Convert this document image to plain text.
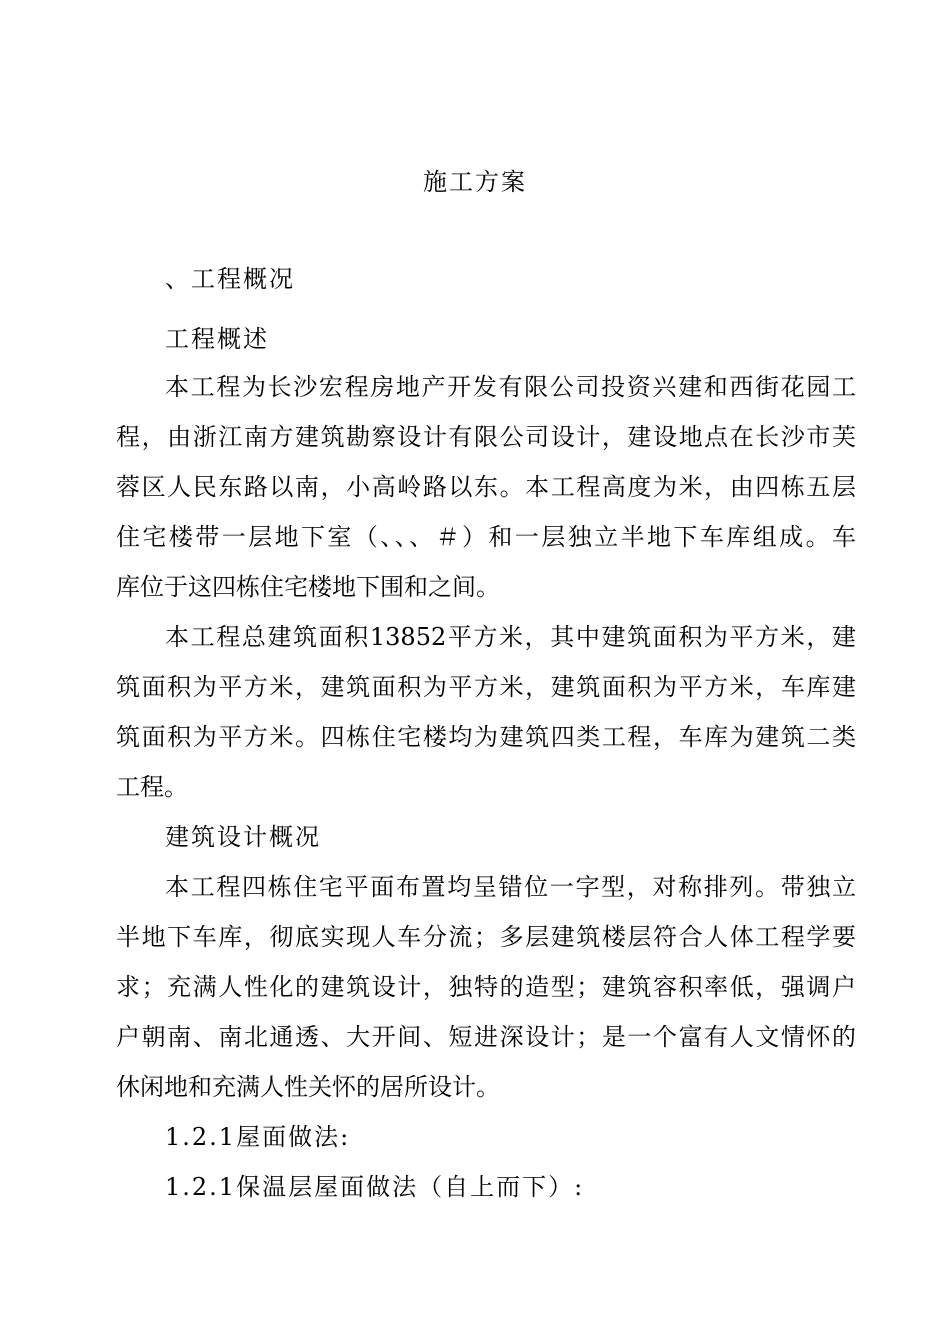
施工方案
、工程概况
工程概述
本工程为长沙宏程房地产开发有限公司投资兴建和西街花园工
程，由浙江南方建筑勘察设计有限公司设计，建设地点在长沙市芙
蓉区人民东路以南，小高岭路以东。本工程高度为米，由四栋五层
住宅楼带一层地下室（、、、＃）和一层独立半地下车库组成。车
库位于这四栋住宅楼地下围和之间。
本工程总建筑面积13852平方米，其中建筑面积为平方米，建
筑面积为平方米，建筑面积为平方米，建筑面积为平方米，车库建
筑面积为平方米。四栋住宅楼均为建筑四类工程，车库为建筑二类
工程。
建筑设计概况
本工程四栋住宅平面布置均呈错位一字型，对称排列。带独立
半地下车库，彻底实现人车分流；多层建筑楼层符合人体工程学要
求；充满人性化的建筑设计，独特的造型；建筑容积率低，强调户
户朝南、南北通透、大开间、短进深设计；是一个富有人文情怀的
休闲地和充满人性关怀的居所设计。
1.2.1屋面做法:
1.2.1保温层屋面做法（自上而下）:
